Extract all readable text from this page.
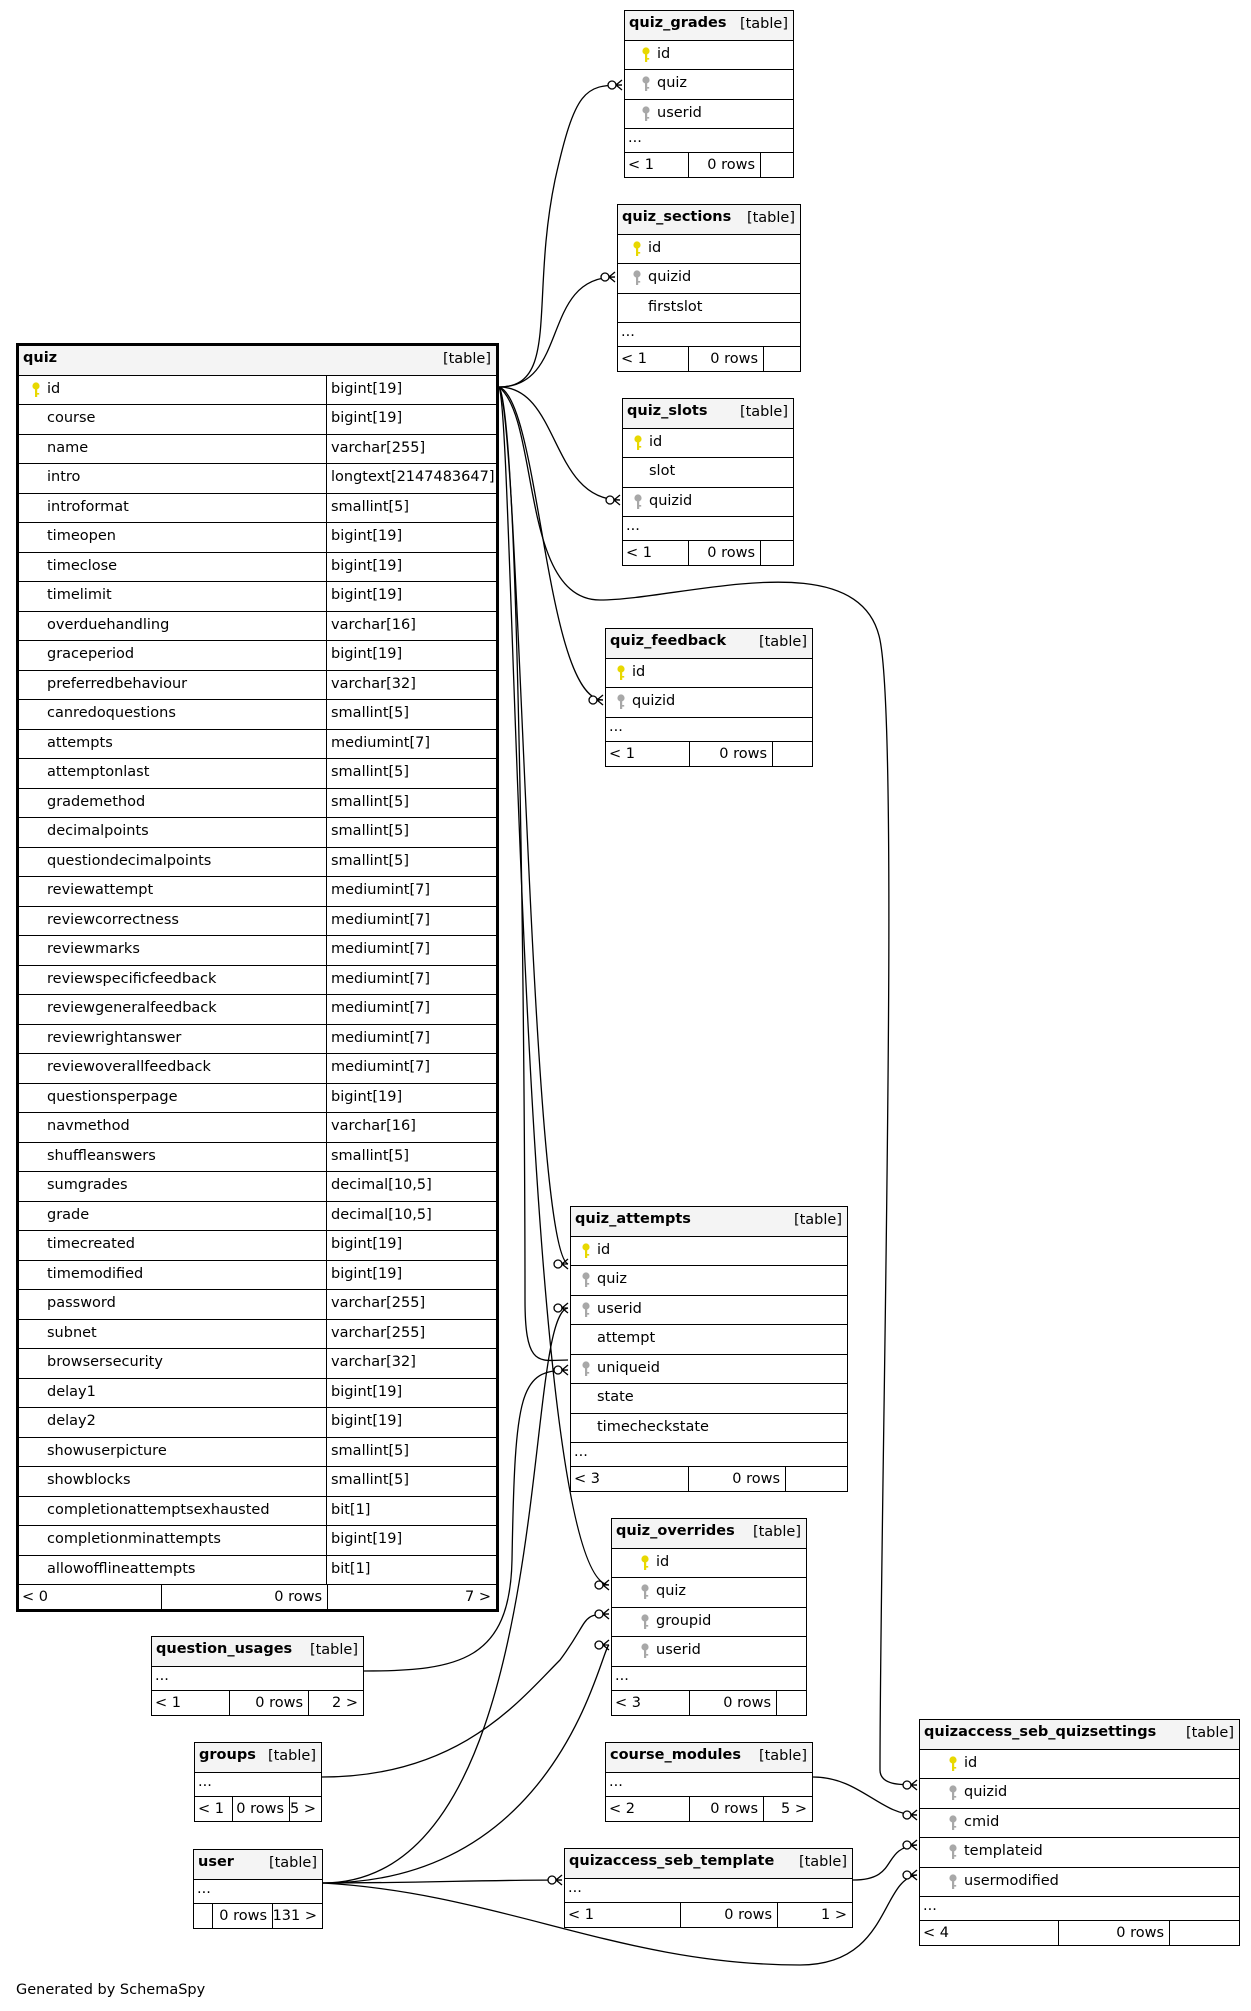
quiz_grades [table]
id
quiz
userid
...
< 1	0 rows
quiz_sections [table]
id
quizid
firstslot
...
< 1	0 rows
quiz_slots [table]
id
slot
quizid
...
< 1	0 rows
quiz_feedback [table]
id
quizid
...
< 1	0 rows
quiz	[table]
id	bigint[19]
course	bigint[19]
name	varchar[255]
intro	longtext[2147483647]
introformat	smallint[5]
timeopen	bigint[19]
timeclose	bigint[19]
timelimit	bigint[19]
overduehandling	varchar[16]
graceperiod	bigint[19]
preferredbehaviour	varchar[32]
canredoquestions	smallint[5]
attempts	mediumint[7]
attemptonlast	smallint[5]
grademethod	smallint[5]
decimalpoints	smallint[5]
questiondecimalpoints	smallint[5]
reviewattempt	mediumint[7]
reviewcorrectness	mediumint[7]
reviewmarks	mediumint[7]
reviewspecificfeedback	mediumint[7]
reviewgeneralfeedback	mediumint[7]
reviewrightanswer	mediumint[7]
reviewoverallfeedback	mediumint[7]
questionsperpage	bigint[19]
navmethod	varchar[16]
shuffleanswers	smallint[5]
sumgrades	decimal[10,5]
grade	decimal[10,5]
timecreated	bigint[19]
timemodified	bigint[19]
password	varchar[255]
subnet	varchar[255]
browsersecurity	varchar[32]
delay1	bigint[19]
delay2	bigint[19]
showuserpicture	smallint[5]
showblocks	smallint[5]
completionattemptsexhausted	bit[1]
completionminattempts	bigint[19]
allowofflineattempts	bit[1]
< 0	0 rows	7 >
quiz_attempts	[table]
id
quiz
userid
attempt
uniqueid
state
timecheckstate
...
< 3	0 rows
quiz_overrides [table]
id
quiz
groupid
userid
...
< 3	0 rows
question_usages [table]
...
< 1	0 rows 2 >
groups [table]
...
< 1 0 rows 5 >
course_modules [table]
...
< 2	0 rows 5 >
quizaccess_seb_quizsettings [table]
id
quizid
cmid
templateid
usermodified
...
< 4	0 rows
user [table]
...
0 rows 131 >
quizaccess_seb_template [table]
...
< 1	0 rows	1 >
Generated by SchemaSpy
